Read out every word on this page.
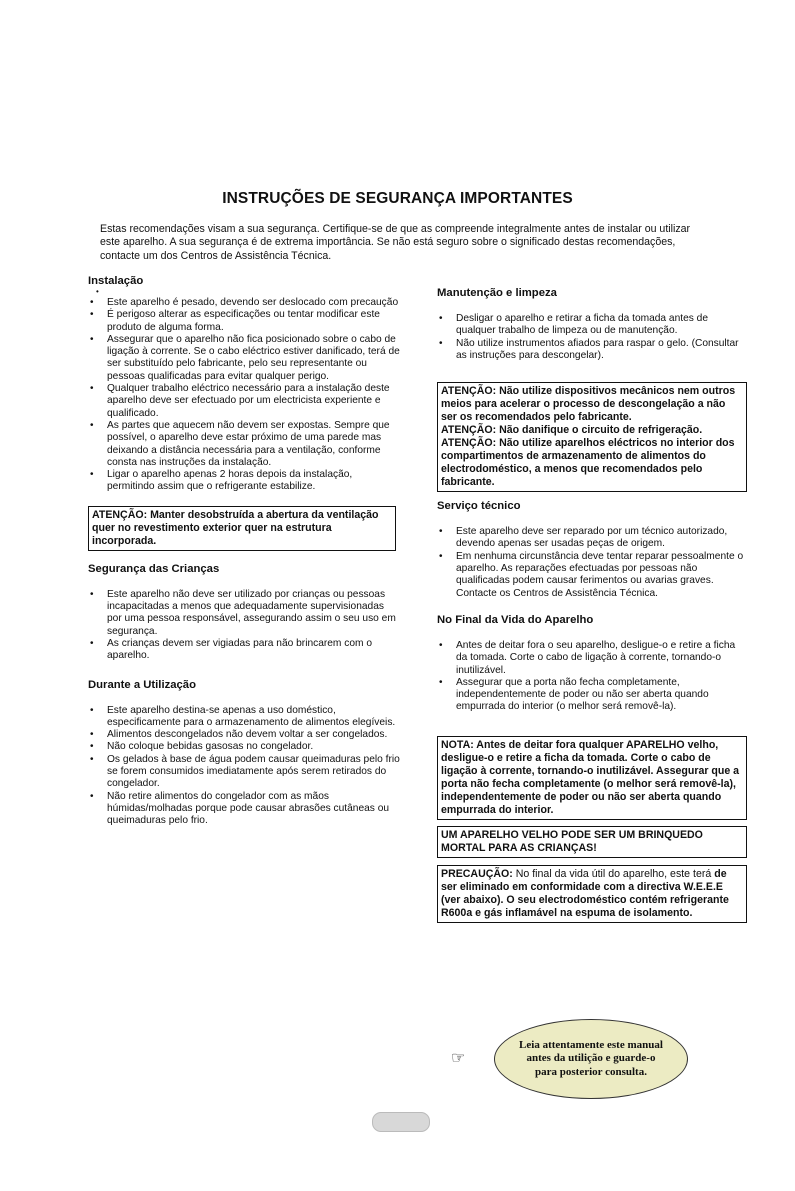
INSTRUÇÕES DE SEGURANÇA IMPORTANTES
Estas recomendações visam a sua segurança. Certifique-se de que as compreende integralmente antes de instalar ou utilizar este aparelho. A sua segurança é de extrema importância. Se não está seguro sobre o significado destas recomendações, contacte um dos Centros de Assistência Técnica.

Instalação

•
• Este aparelho é pesado, devendo ser deslocado com precaução
• É perigoso alterar as especificações ou tentar modificar este produto de alguma forma.
• Assegurar que o aparelho não fica posicionado sobre o cabo de ligação à corrente. Se o cabo eléctrico estiver danificado, terá de ser substituído pelo fabricante, pelo seu representante ou pessoas qualificadas para evitar qualquer perigo.
• Qualquer trabalho eléctrico necessário para a instalação deste aparelho deve ser efectuado por um electricista experiente e qualificado.
• As partes que aquecem não devem ser expostas. Sempre que possível, o aparelho deve estar próximo de uma parede mas deixando a distância necessária para a ventilação, conforme consta nas instruções da instalação.
• Ligar o aparelho apenas 2 horas depois da instalação, permitindo assim que o refrigerante estabilize.
ATENÇÃO: Manter desobstruída a abertura da ventilação quer no revestimento exterior quer na estrutura incorporada.

Segurança das Crianças

• Este aparelho não deve ser utilizado por crianças ou pessoas incapacitadas a menos que adequadamente supervisionadas por uma pessoa responsável, assegurando assim o seu uso em segurança.
• As crianças devem ser vigiadas para não brincarem com o aparelho.

Durante a Utilização

• Este aparelho destina-se apenas a uso doméstico, especificamente para o armazenamento de alimentos elegíveis.
• Alimentos descongelados não devem voltar a ser congelados.
• Não coloque bebidas gasosas no congelador.
• Os gelados à base de água podem causar queimaduras pelo frio se forem consumidos imediatamente após serem retirados do congelador.
• Não retire alimentos do congelador com as mãos húmidas/molhadas porque pode causar abrasões cutâneas ou queimaduras pelo frio.

Manutenção e limpeza

• Desligar o aparelho e retirar a ficha da tomada antes de qualquer trabalho de limpeza ou de manutenção.
• Não utilize instrumentos afiados para raspar o gelo. (Consultar as instruções para descongelar).
ATENÇÃO: Não utilize dispositivos mecânicos nem outros meios para acelerar o processo de descongelação a não ser os recomendados pelo fabricante.
ATENÇÃO: Não danifique o circuito de refrigeração.
ATENÇÃO: Não utilize aparelhos eléctricos no interior dos compartimentos de armazenamento de alimentos do electrodoméstico, a menos que recomendados pelo fabricante.

Serviço técnico

• Este aparelho deve ser reparado por um técnico autorizado, devendo apenas ser usadas peças de origem.
• Em nenhuma circunstância deve tentar reparar pessoalmente o aparelho. As reparações efectuadas por pessoas não qualificadas podem causar ferimentos ou avarias graves. Contacte os Centros de Assistência Técnica.

No Final da Vida do Aparelho

• Antes de deitar fora o seu aparelho, desligue-o e retire a ficha da tomada. Corte o cabo de ligação à corrente, tornando-o inutilizável.
• Assegurar que a porta não fecha completamente, independentemente de poder ou não ser aberta quando empurrada do interior (o melhor será removê-la).
NOTA: Antes de deitar fora qualquer APARELHO velho, desligue-o e retire a ficha da tomada. Corte o cabo de ligação à corrente, tornando-o inutilizável. Assegurar que a porta não fecha completamente (o melhor será removê-la), independentemente de poder ou não ser aberta quando empurrada do interior.
UM APARELHO VELHO PODE SER UM BRINQUEDO MORTAL PARA AS CRIANÇAS!
PRECAUÇÃO: No final da vida útil do aparelho, este terá de ser eliminado em conformidade com a directiva W.E.E.E (ver abaixo). O seu electrodoméstico contém refrigerante R600a e gás inflamável na espuma de isolamento.
☞
Leia attentamente este manual antes da utilição e guarde-o para posterior consulta.
